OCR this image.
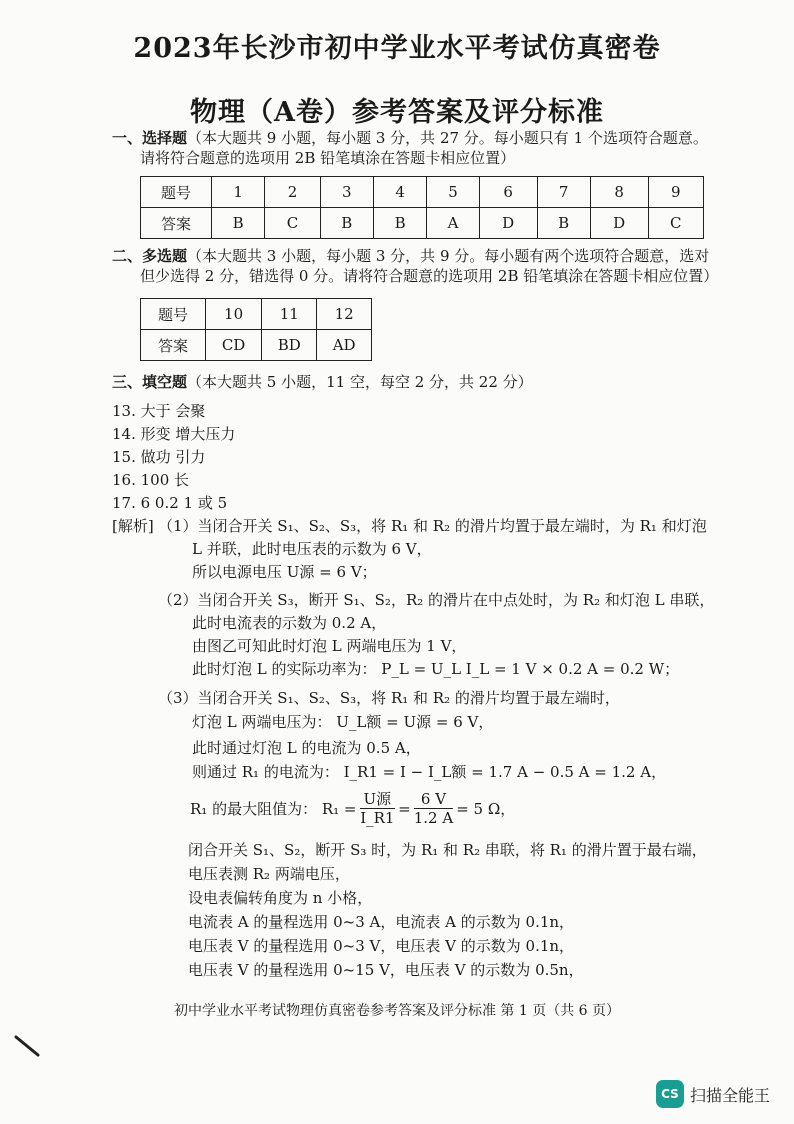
2023年长沙市初中学业水平考试仿真密卷
物理（A卷）参考答案及评分标准
一、选择题（本大题共 9 小题，每小题 3 分，共 27 分。每小题只有 1 个选项符合题意。
请将符合题意的选项用 2B 铅笔填涂在答题卡相应位置）
题号	1	2	3	4	5	6	7	8	9
答案	B	C	B	B	A	D	B	D	C
二、多选题（本大题共 3 小题，每小题 3 分，共 9 分。每小题有两个选项符合题意，选对
但少选得 2 分，错选得 0 分。请将符合题意的选项用 2B 铅笔填涂在答题卡相应位置）
题号	10	11	12
答案	CD	BD	AD
三、填空题（本大题共 5 小题，11 空，每空 2 分，共 22 分）
13. 大于 会聚
14. 形变 增大压力
15. 做功 引力
16. 100 长
17. 6 0.2 1 或 5
[解析] （1）当闭合开关 S₁、S₂、S₃，将 R₁ 和 R₂ 的滑片均置于最左端时，为 R₁ 和灯泡
L 并联，此时电压表的示数为 6 V，
所以电源电压 U源 = 6 V；
（2）当闭合开关 S₃，断开 S₁、S₂，R₂ 的滑片在中点处时，为 R₂ 和灯泡 L 串联，
此时电流表的示数为 0.2 A，
由图乙可知此时灯泡 L 两端电压为 1 V，
此时灯泡 L 的实际功率为： P_L = U_L I_L = 1 V × 0.2 A = 0.2 W；
（3）当闭合开关 S₁、S₂、S₃，将 R₁ 和 R₂ 的滑片均置于最左端时，
灯泡 L 两端电压为： U_L额 = U源 = 6 V，
此时通过灯泡 L 的电流为 0.5 A，
则通过 R₁ 的电流为： I_R1 = I − I_L额 = 1.7 A − 0.5 A = 1.2 A，
R₁ 的最大阻值为： $R_1 = \frac{\text{U源}}{I\_R1} = \frac{6 V}{1.2 A} = 5$ Ω，
闭合开关 S₁、S₂，断开 S₃ 时，为 R₁ 和 R₂ 串联，将 R₁ 的滑片置于最右端，
电压表测 R₂ 两端电压，
设电表偏转角度为 n 小格，
电流表 A 的量程选用 0~3 A，电流表 A 的示数为 0.1n，
电压表 V 的量程选用 0~3 V，电压表 V 的示数为 0.1n，
电压表 V 的量程选用 0~15 V，电压表 V 的示数为 0.5n，
初中学业水平考试物理仿真密卷参考答案及评分标准 第 1 页（共 6 页）
CS 扫描全能王
